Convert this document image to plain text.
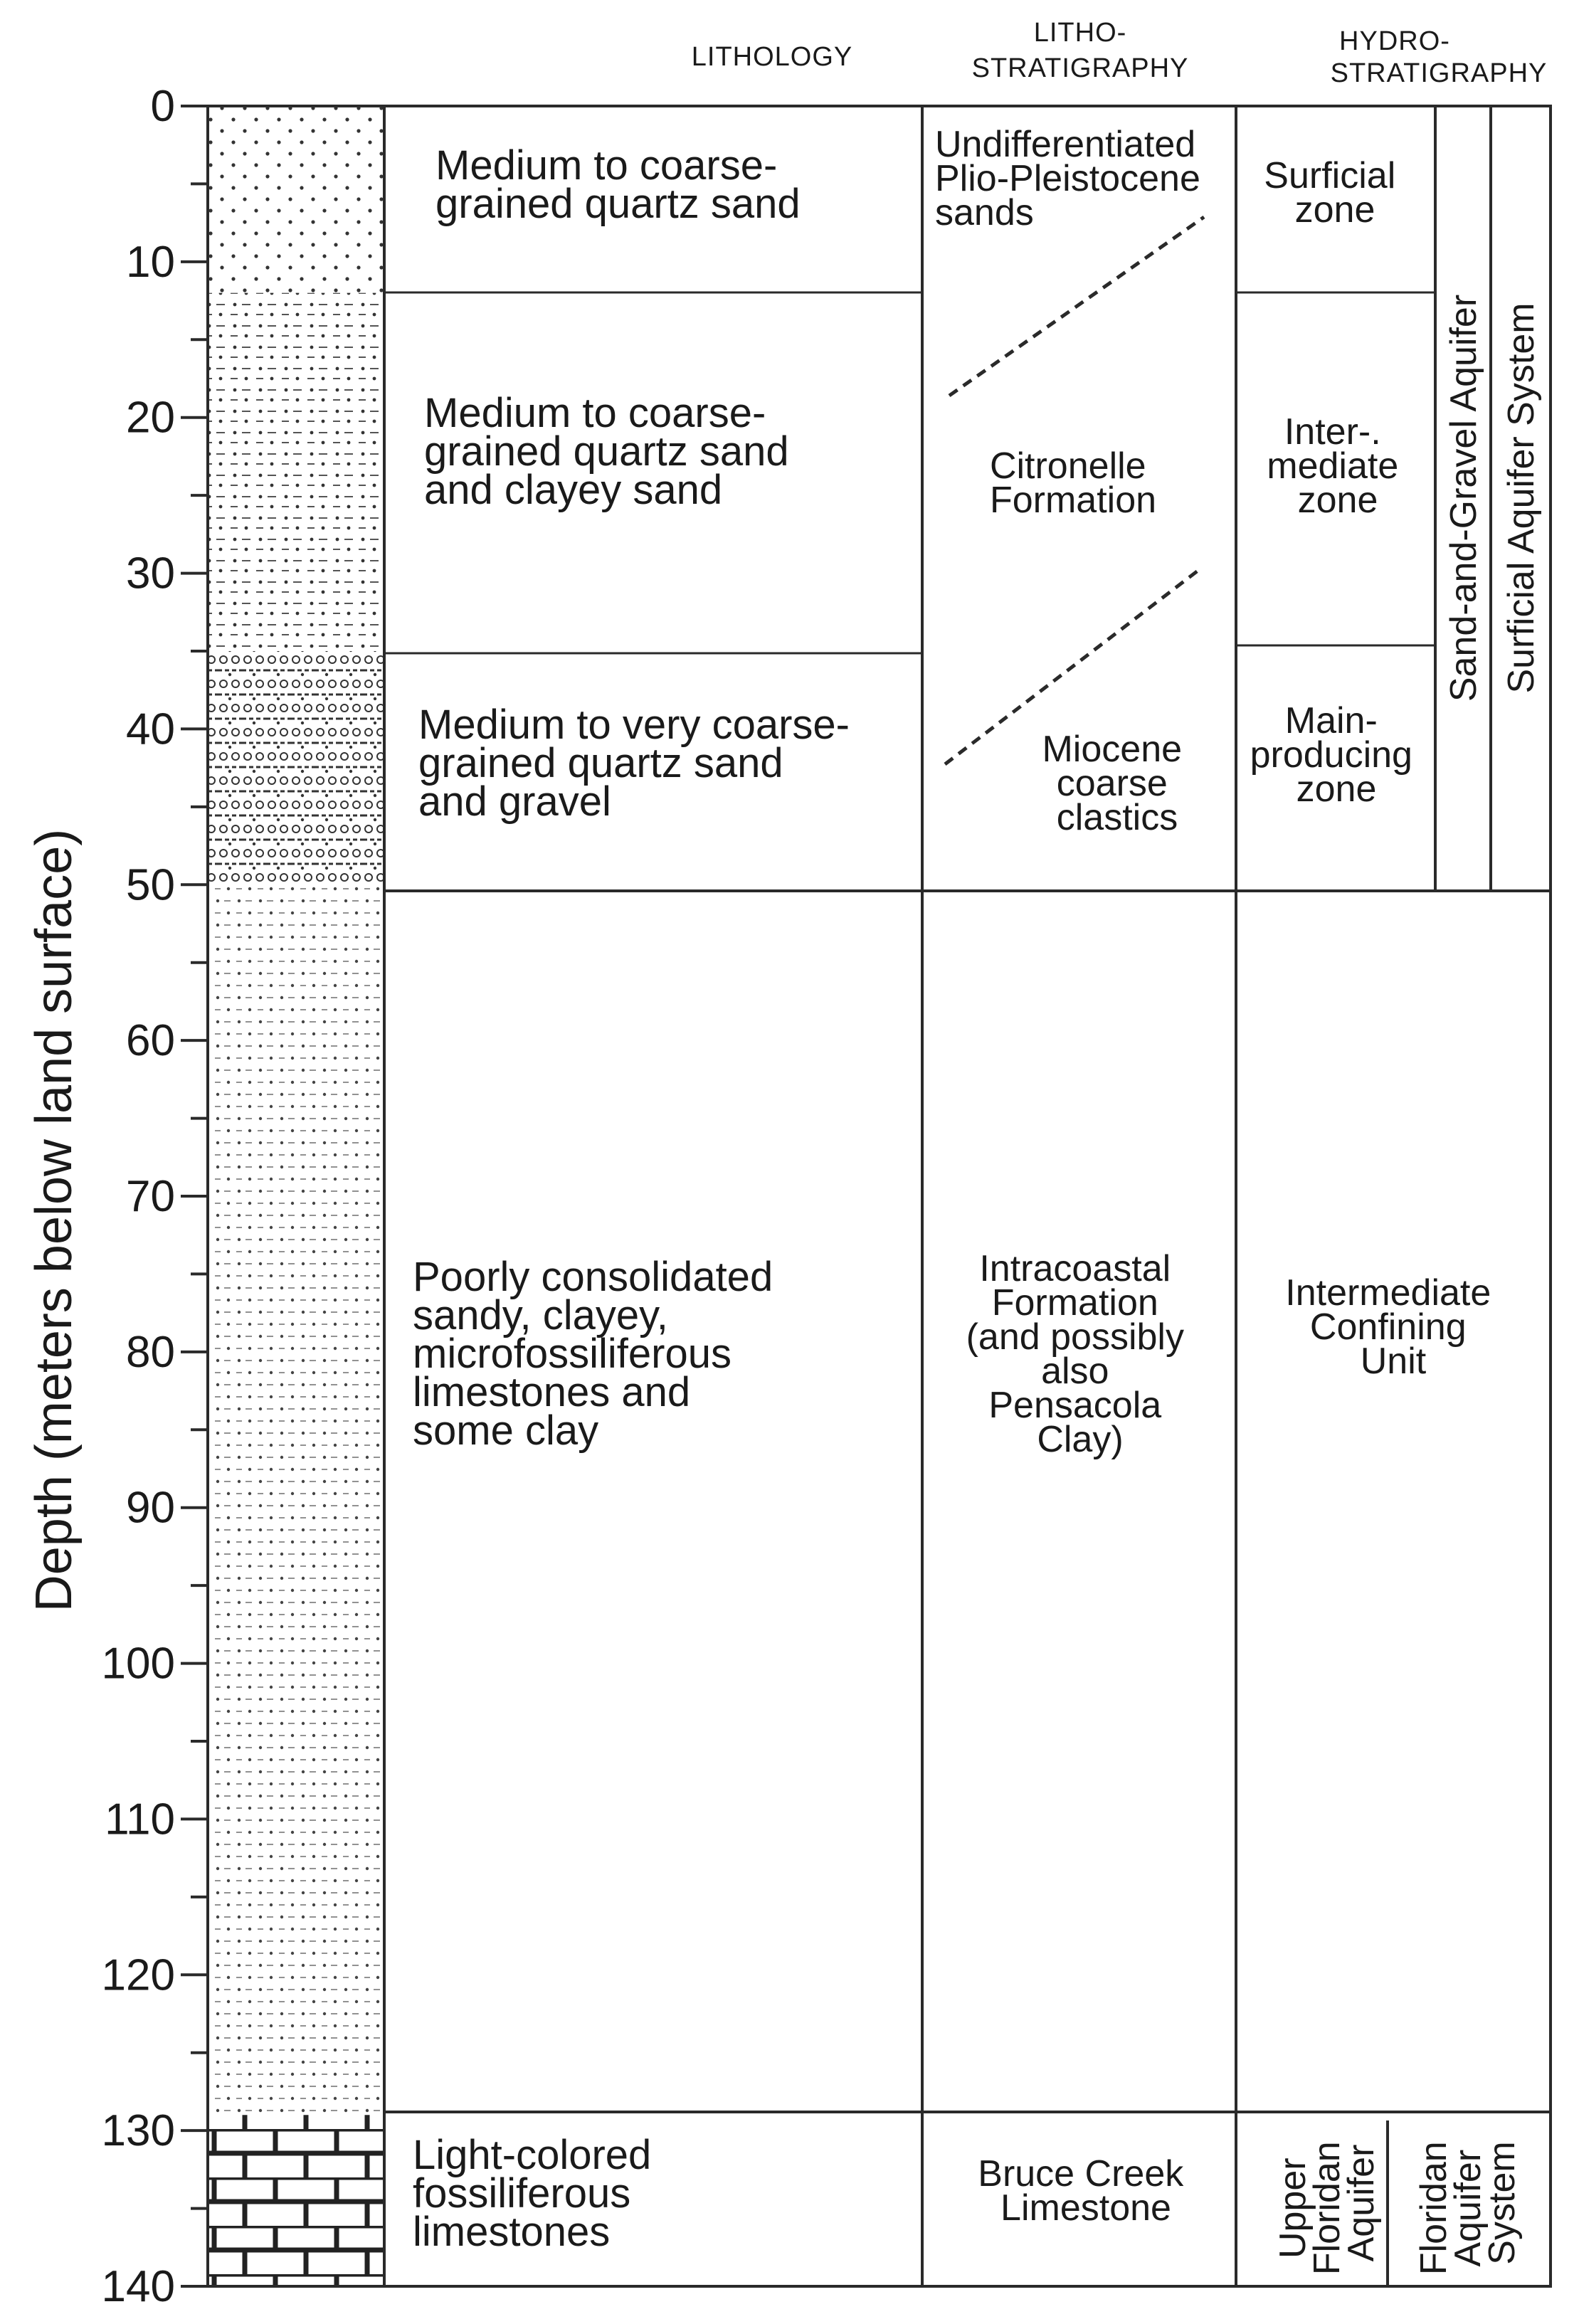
LITHOLOGY
LITHO-
STRATIGRAPHY
HYDRO-
STRATIGRAPHY
Depth (meters below land surface)
0
10
20
30
40
50
60
70
80
90
100
110
120
130
140
Medium to coarse- grained quartz sand
Medium to coarse- grained quartz sand and clayey sand
Medium to very coarse- grained quartz sand and gravel
Poorly consolidated sandy, clayey, microfossiliferous limestones and some clay
Light-colored fossiliferous limestones
Undifferentiated Plio-Pleistocene sands
Citronelle Formation
Miocene coarse clastics
Intracoastal Formation (and possibly also Pensacola Clay)
Bruce Creek Limestone
Surficial zone
Inter-. mediate zone
Main- producing zone
Sand-and-Gravel Aquifer Surficial Aquifer System
Intermediate Confining Unit
Upper Floridan Aquifer Floridan Aquifer System
